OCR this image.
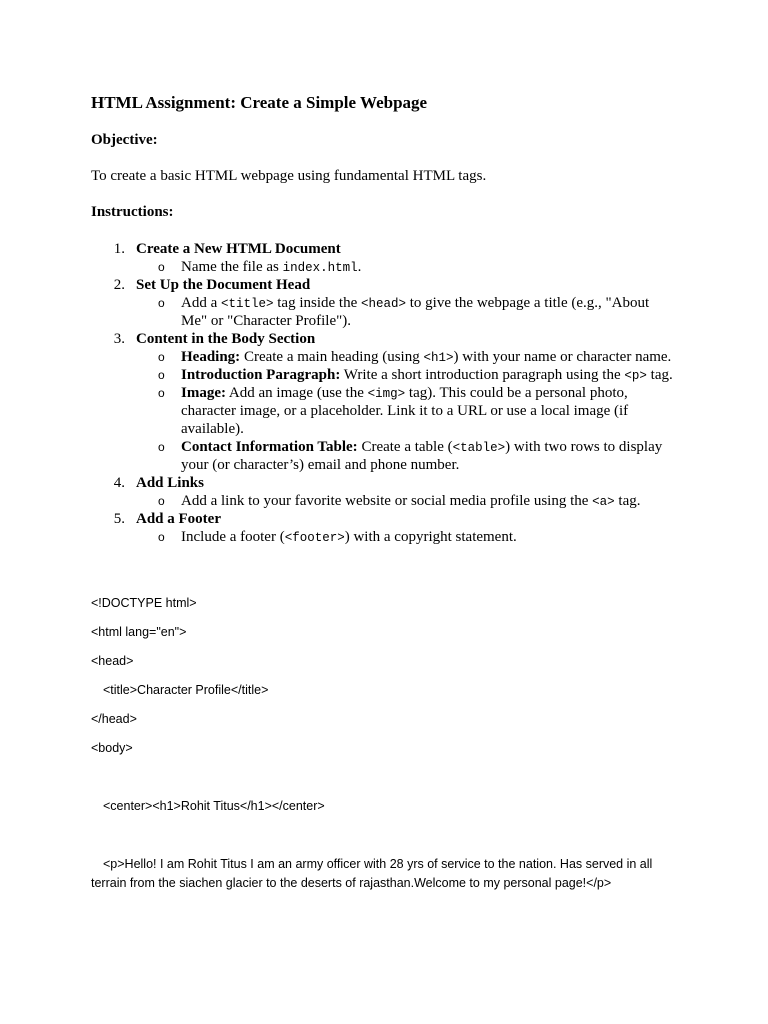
HTML Assignment: Create a Simple Webpage
Objective:
To create a basic HTML webpage using fundamental HTML tags.
Instructions:
1. Create a New HTML Document
o Name the file as index.html.
2. Set Up the Document Head
o Add a <title> tag inside the <head> to give the webpage a title (e.g., "About
Me" or "Character Profile").
3. Content in the Body Section
o Heading: Create a main heading (using <h1>) with your name or character name.
o Introduction Paragraph: Write a short introduction paragraph using the <p> tag.
o Image: Add an image (use the <img> tag). This could be a personal photo,
character image, or a placeholder. Link it to a URL or use a local image (if
available).
o Contact Information Table: Create a table (<table>) with two rows to display
your (or character’s) email and phone number.
4. Add Links
o Add a link to your favorite website or social media profile using the <a> tag.
5. Add a Footer
o Include a footer (<footer>) with a copyright statement.
<!DOCTYPE html>
<html lang="en">
<head>
<title>Character Profile</title>
</head>
<body>
<center><h1>Rohit Titus</h1></center>
<p>Hello! I am Rohit Titus I am an army officer with 28 yrs of service to the nation. Has served in all
terrain from the siachen glacier to the deserts of rajasthan.Welcome to my personal page!</p>
